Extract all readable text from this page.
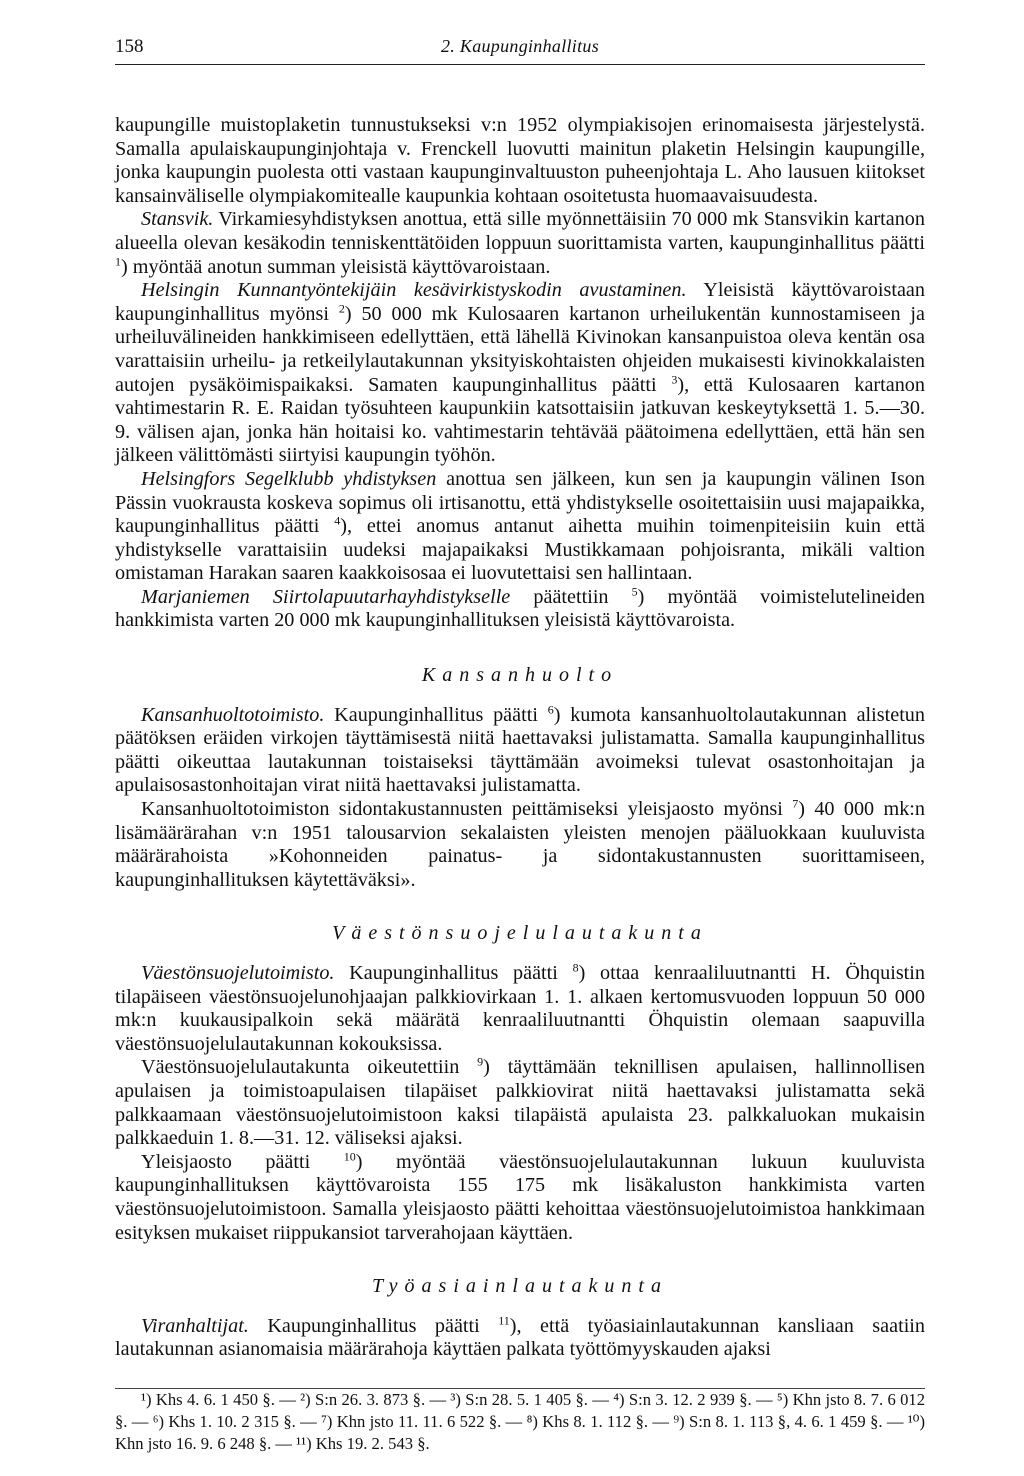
158	2. Kaupunginhallitus

kaupungille muistoplaketin tunnustukseksi v:n 1952 olympiakisojen erinomaisesta järjestelystä. Samalla apulaiskaupunginjohtaja v. Frenckell luovutti mainitun plaketin Helsingin kaupungille, jonka kaupungin puolesta otti vastaan kaupunginvaltuuston puheenjohtaja L. Aho lausuen kiitokset kansainväliselle olympiakomitealle kaupunkia kohtaan osoitetusta huomaavaisuudesta.

Stansvik. Virkamiesyhdistyksen anottua, että sille myönnettäisiin 70 000 mk Stansvikin kartanon alueella olevan kesäkodin tenniskenttätöiden loppuun suorittamista varten, kaupunginhallitus päätti $^1$) myöntää anotun summan yleisistä käyttövaroistaan.

Helsingin Kunnantyöntekijäin kesävirkistyskodin avustaminen. Yleisistä käyttövaroistaan kaupunginhallitus myönsi $^2$) 50 000 mk Kulosaaren kartanon urheilukentän kunnostamiseen ja urheiluvälineiden hankkimiseen edellyttäen, että lähellä Kivinokan kansanpuistoa oleva kentän osa varattaisiin urheilu- ja retkeilylautakunnan yksityiskohtaisten ohjeiden mukaisesti kivinokkalaisten autojen pysäköimispaikaksi. Samaten kaupunginhallitus päätti $^3$), että Kulosaaren kartanon vahtimestarin R. E. Raidan työsuhteen kaupunkiin katsottaisiin jatkuvan keskeytyksettä 1. 5.—30. 9. välisen ajan, jonka hän hoitaisi ko. vahtimestarin tehtävää päätoimena edellyttäen, että hän sen jälkeen välittömästi siirtyisi kaupungin työhön.

Helsingfors Segelklubb yhdistyksen anottua sen jälkeen, kun sen ja kaupungin välinen Ison Pässin vuokrausta koskeva sopimus oli irtisanottu, että yhdistykselle osoitettaisiin uusi majapaikka, kaupunginhallitus päätti $^4$), ettei anomus antanut aihetta muihin toimenpiteisiin kuin että yhdistykselle varattaisiin uudeksi majapaikaksi Mustikkamaan pohjoisranta, mikäli valtion omistaman Harakan saaren kaakkoisosaa ei luovutettaisi sen hallintaan.

Marjaniemen Siirtolapuutarhayhdistykselle päätettiin $^5$) myöntää voimistelutelineiden hankkimista varten 20 000 mk kaupunginhallituksen yleisistä käyttövaroista.

Kansanhuolto

Kansanhuoltotoimisto. Kaupunginhallitus päätti $^6$) kumota kansanhuoltolautakunnan alistetun päätöksen eräiden virkojen täyttämisestä niitä haettavaksi julistamatta. Samalla kaupunginhallitus päätti oikeuttaa lautakunnan toistaiseksi täyttämään avoimeksi tulevat osastonhoitajan ja apulaisosastonhoitajan virat niitä haettavaksi julistamatta.

Kansanhuoltotoimiston sidontakustannusten peittämiseksi yleisjaosto myönsi $^7$) 40 000 mk:n lisämäärärahan v:n 1951 talousarvion sekalaisten yleisten menojen pääluokkaan kuuluvista määrärahoista »Kohonneiden painatus- ja sidontakustannusten suorittamiseen, kaupunginhallituksen käytettäväksi».

Väestönsuojelulautakunta

Väestönsuojelutoimisto. Kaupunginhallitus päätti $^8$) ottaa kenraaliluutnantti H. Öhquistin tilapäiseen väestönsuojelunohjaajan palkkiovirkaan 1. 1. alkaen kertomusvuoden loppuun 50 000 mk:n kuukausipalkoin sekä määrätä kenraaliluutnantti Öhquistin olemaan saapuvilla väestönsuojelulautakunnan kokouksissa.

Väestönsuojelulautakunta oikeutettiin $^9$) täyttämään teknillisen apulaisen, hallinnollisen apulaisen ja toimistoapulaisen tilapäiset palkkiovirat niitä haettavaksi julistamatta sekä palkkaamaan väestönsuojelutoimistoon kaksi tilapäistä apulaista 23. palkkaluokan mukaisin palkkaeduin 1. 8.—31. 12. väliseksi ajaksi.

Yleisjaosto päätti	$^{10}$) myöntää väestönsuojelulautakunnan lukuun kuuluvista kaupunginhallituksen käyttövaroista 155 175 mk lisäkaluston hankkimista varten väestönsuojelutoimistoon. Samalla yleisjaosto päätti kehoittaa väestönsuojelutoimistoa hankkimaan esityksen mukaiset riippukansiot tarverahojaan käyttäen.

Työasiainlautakunta

Viranhaltijat. Kaupunginhallitus päätti $^{11}$), että työasiainlautakunnan kansliaan saatiin lautakunnan asianomaisia määrärahoja käyttäen palkata työttömyyskauden ajaksi

¹) Khs 4. 6. 1 450 §. — ²) S:n 26. 3. 873 §. — ³) S:n 28. 5. 1 405 §. — ⁴) S:n 3. 12. 2 939 §. — ⁵) Khn jsto 8. 7. 6 012 §. — ⁶) Khs 1. 10. 2 315 §. — ⁷) Khn jsto 11. 11. 6 522 §. — ⁸) Khs 8. 1. 112 §. — ⁹) S:n 8. 1. 113 §, 4. 6. 1 459 §. — ¹⁰) Khn jsto 16. 9. 6 248 §. — ¹¹) Khs 19. 2. 543 §.
